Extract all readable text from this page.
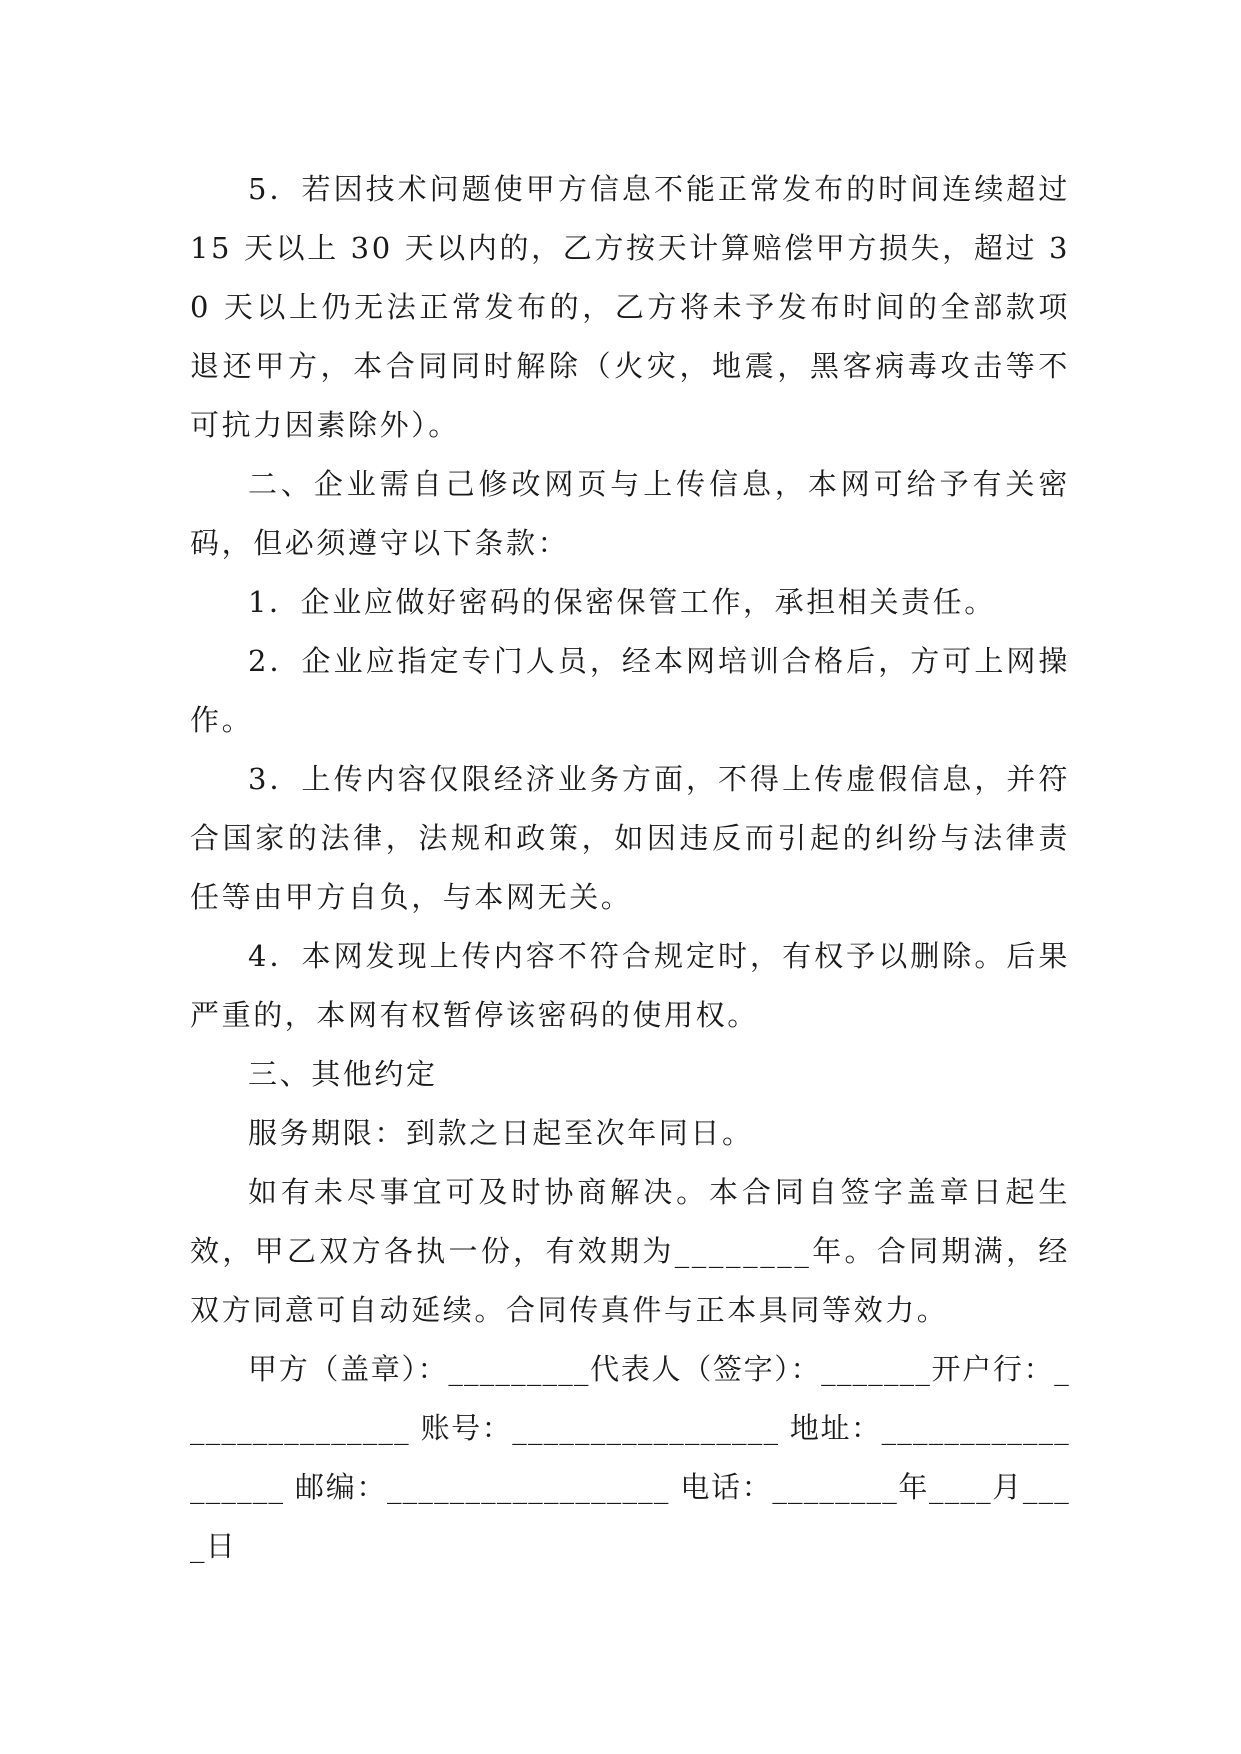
5．若因技术问题使甲方信息不能正常发布的时间连续超过 15 天以上 30 天以内的，乙方按天计算赔偿甲方损失，超过 30 天以上仍无法正常发布的，乙方将未予发布时间的全部款项退还甲方，本合同同时解除（火灾，地震，黑客病毒攻击等不可抗力因素除外）。

二、企业需自己修改网页与上传信息，本网可给予有关密码，但必须遵守以下条款：

1．企业应做好密码的保密保管工作，承担相关责任。

2．企业应指定专门人员，经本网培训合格后，方可上网操作。

3．上传内容仅限经济业务方面，不得上传虚假信息，并符合国家的法律，法规和政策，如因违反而引起的纠纷与法律责任等由甲方自负，与本网无关。

4．本网发现上传内容不符合规定时，有权予以删除。后果严重的，本网有权暂停该密码的使用权。

三、其他约定

服务期限：到款之日起至次年同日。

如有未尽事宜可及时协商解决。本合同自签字盖章日起生效，甲乙双方各执一份，有效期为________年。合同期满，经双方同意可自动延续。合同传真件与正本具同等效力。

甲方（盖章）：_________代表人（签字）：_______开户行：_______________ 账号：_________________ 地址：__________________ 邮编：__________________ 电话：________年____月____日
